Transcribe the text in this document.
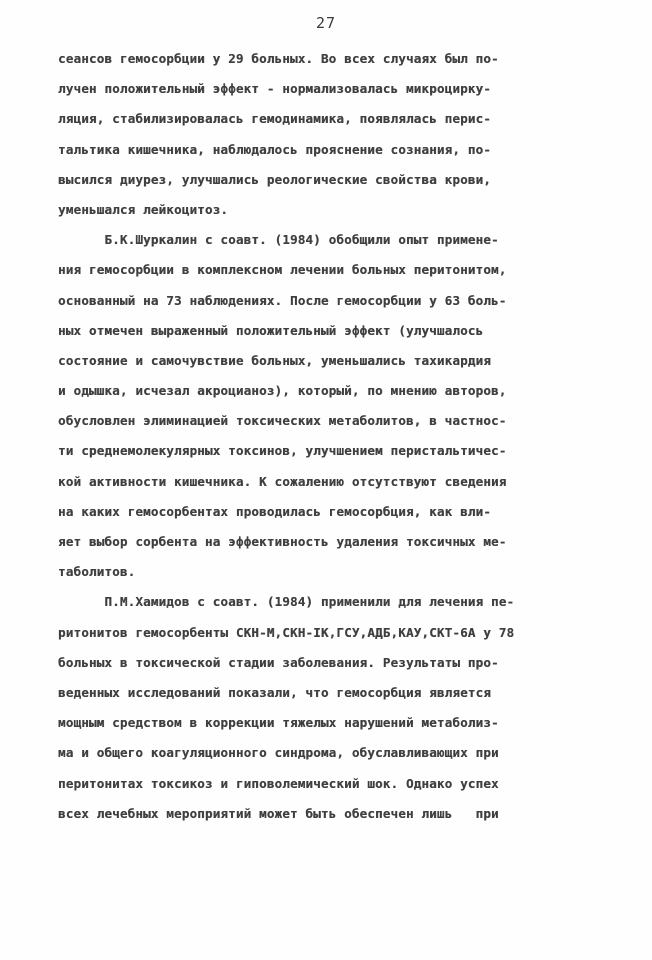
27
сеансов гемосорбции у 29 больных. Во всех случаях был по-
лучен положительный эффект - нормализовалась микроцирку-
ляция, стабилизировалась гемодинамика, появлялась перис-
тальтика кишечника, наблюдалось прояснение сознания, по-
высился диурез, улучшались реологические свойства крови,
уменьшался лейкоцитоз.
Б.К.Шуркалин с соавт. (1984) обобщили опыт примене-
ния гемосорбции в комплексном лечении больных перитонитом,
основанный на 73 наблюдениях. После гемосорбции у 63 боль-
ных отмечен выраженный положительный эффект (улучшалось
состояние и самочувствие больных, уменьшались тахикардия
и одышка, исчезал акроцианоз), который, по мнению авторов,
обусловлен элиминацией токсических метаболитов, в частнос-
ти среднемолекулярных токсинов, улучшением перистальтичес-
кой активности кишечника. К сожалению отсутствуют сведения
на каких гемосорбентах проводилась гемосорбция, как вли-
яет выбор сорбента на эффективность удаления токсичных ме-
таболитов.
П.М.Хамидов с соавт. (1984) применили для лечения пе-
ритонитов гемосорбенты СКН-М,СКН-IК,ГСУ,АДБ,КАУ,СКТ-6А у 78
больных в токсической стадии заболевания. Результаты про-
веденных исследований показали, что гемосорбция является
мощным средством в коррекции тяжелых нарушений метаболиз-
ма и общего коагуляционного синдрома, обуславливающих при
перитонитах токсикоз и гиповолемический шок. Однако успех
всех лечебных мероприятий может быть обеспечен лишь   при
